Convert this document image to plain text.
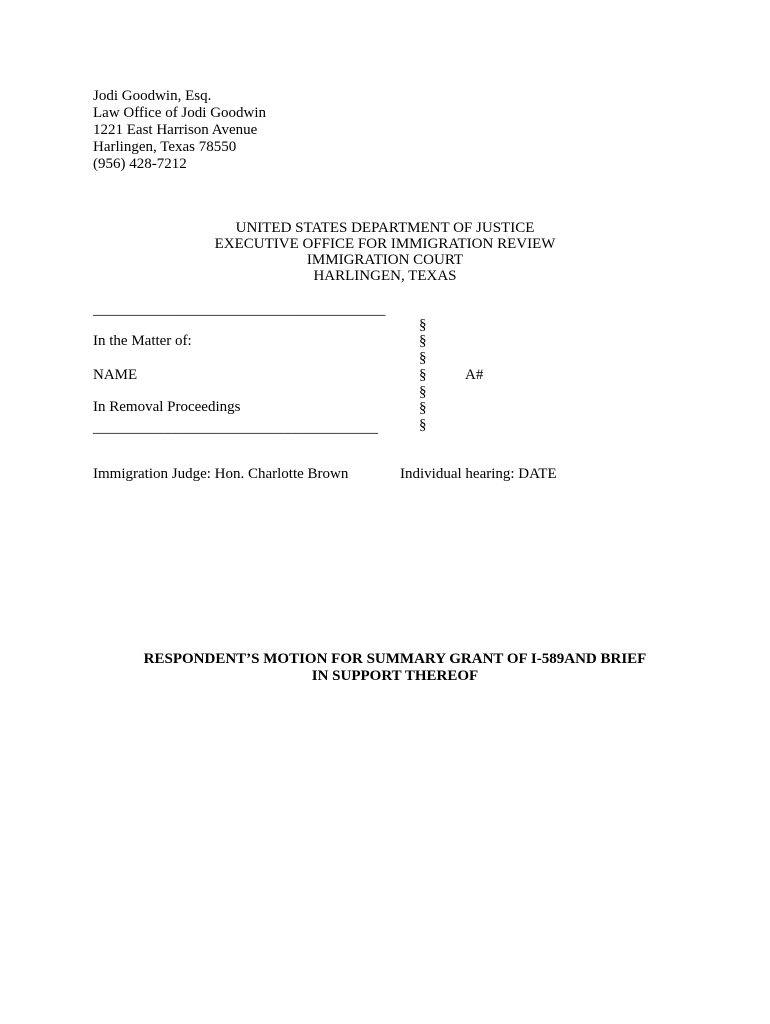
Jodi Goodwin, Esq.
Law Office of Jodi Goodwin
1221 East Harrison Avenue
Harlingen, Texas 78550
(956) 428-7212
UNITED STATES DEPARTMENT OF JUSTICE
EXECUTIVE OFFICE FOR IMMIGRATION REVIEW
IMMIGRATION COURT
HARLINGEN, TEXAS
_______________________________________
In the Matter of:
NAME
In Removal Proceedings
______________________________________
§
§
§
§
§
§
§
A#
Immigration Judge: Hon. Charlotte Brown	Individual hearing: DATE
RESPONDENT’S MOTION FOR SUMMARY GRANT OF I-589AND BRIEF
IN SUPPORT THEREOF
